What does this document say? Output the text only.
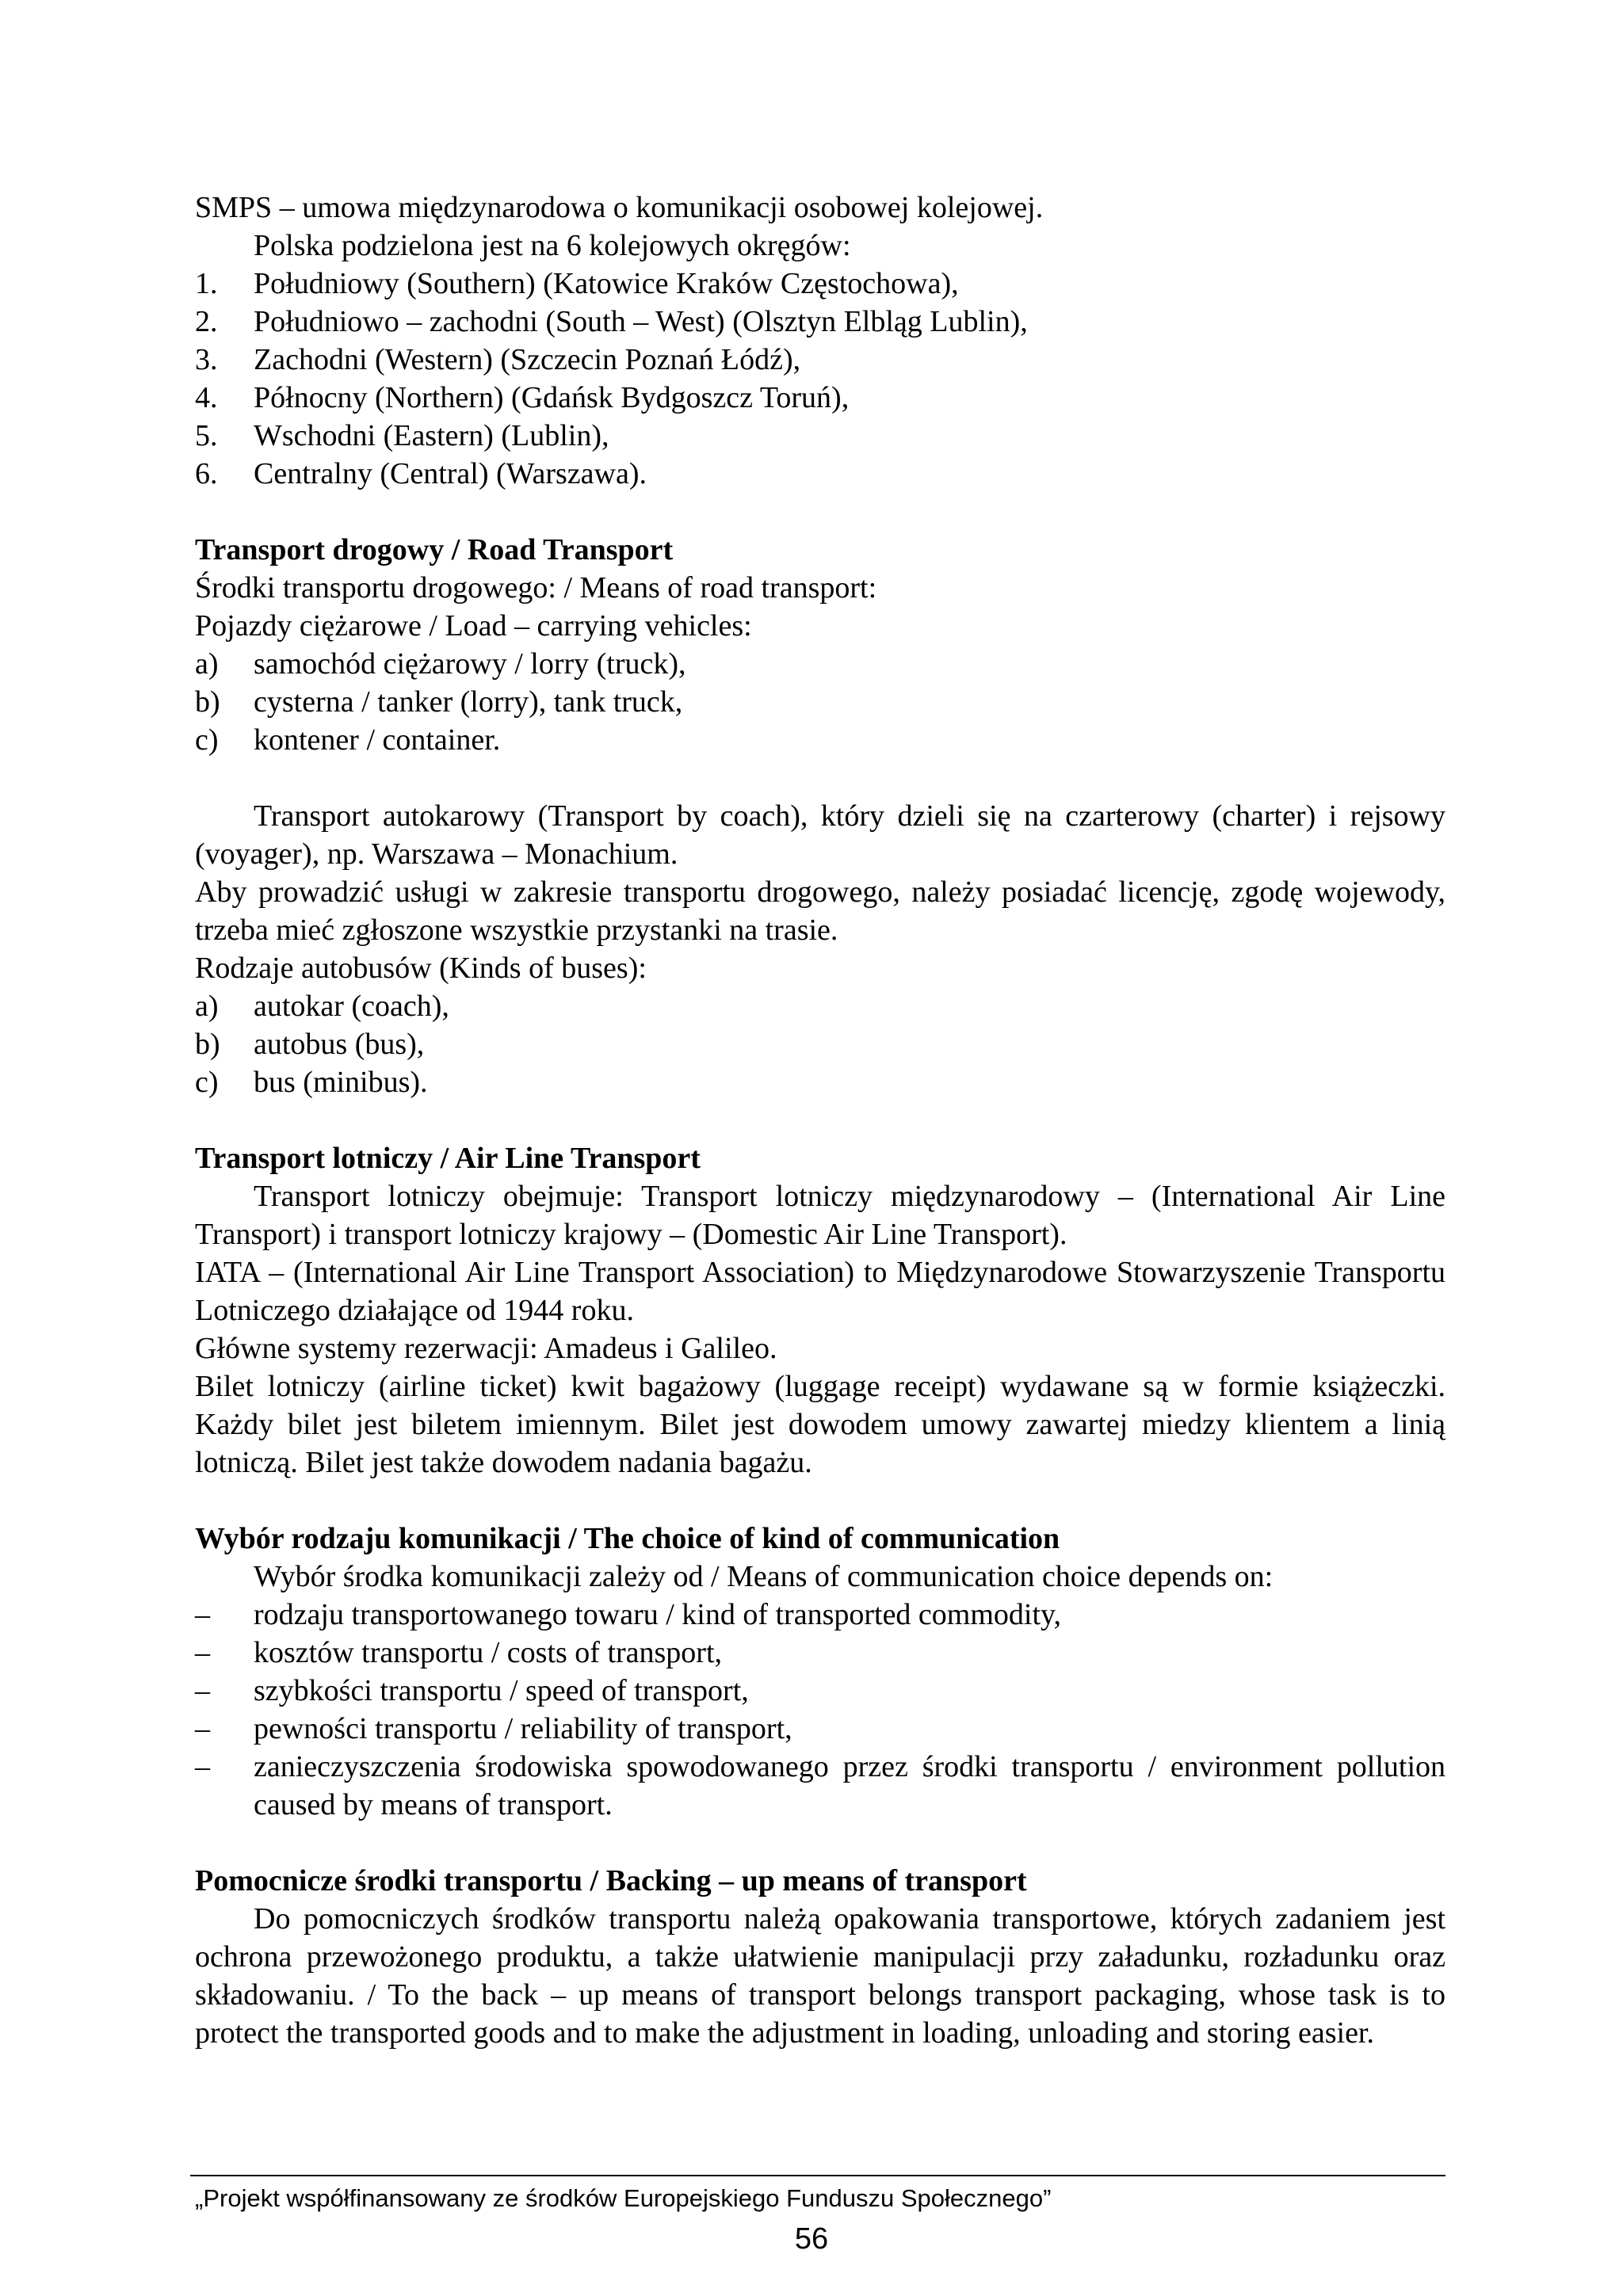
SMPS – umowa międzynarodowa o komunikacji osobowej kolejowej.

Polska podzielona jest na 6 kolejowych okręgów:

1.	Południowy (Southern) (Katowice Kraków Częstochowa),
2.	Południowo – zachodni (South – West) (Olsztyn Elbląg Lublin),
3.	Zachodni (Western) (Szczecin Poznań Łódź),
4.	Północny (Northern) (Gdańsk Bydgoszcz Toruń),
5.	Wschodni (Eastern) (Lublin),
6.	Centralny (Central) (Warszawa).

Transport drogowy / Road Transport

Środki transportu drogowego: / Means of road transport:

Pojazdy ciężarowe / Load – carrying vehicles:

a)	samochód ciężarowy / lorry (truck),
b)	cysterna / tanker (lorry), tank truck,
c)	kontener / container.

Transport autokarowy (Transport by coach), który dzieli się na czarterowy (charter) i rejsowy (voyager), np. Warszawa – Monachium.

Aby prowadzić usługi w zakresie transportu drogowego, należy posiadać licencję, zgodę wojewody, trzeba mieć zgłoszone wszystkie przystanki na trasie.

Rodzaje autobusów (Kinds of buses):

a)	autokar (coach),
b)	autobus (bus),
c)	bus (minibus).

Transport lotniczy / Air Line Transport

Transport lotniczy obejmuje: Transport lotniczy międzynarodowy – (International Air Line Transport) i transport lotniczy krajowy – (Domestic Air Line Transport).

IATA – (International Air Line Transport Association) to Międzynarodowe Stowarzyszenie Transportu Lotniczego działające od 1944 roku.

Główne systemy rezerwacji: Amadeus i Galileo.

Bilet lotniczy (airline ticket) kwit bagażowy (luggage receipt) wydawane są w formie książeczki. Każdy bilet jest biletem imiennym. Bilet jest dowodem umowy zawartej miedzy klientem a linią lotniczą. Bilet jest także dowodem nadania bagażu.

Wybór rodzaju komunikacji / The choice of kind of communication

Wybór środka komunikacji zależy od / Means of communication choice depends on:

–	rodzaju transportowanego towaru / kind of transported commodity,
–	kosztów transportu / costs of transport,
–	szybkości transportu / speed of transport,
–	pewności transportu / reliability of transport,
–	zanieczyszczenia środowiska spowodowanego przez środki transportu / environment pollution caused by means of transport.

Pomocnicze środki transportu / Backing – up means of transport

Do pomocniczych środków transportu należą opakowania transportowe, których zadaniem jest ochrona przewożonego produktu, a także ułatwienie manipulacji przy załadunku, rozładunku oraz składowaniu. / To the back – up means of transport belongs transport packaging, whose task is to protect the transported goods and to make the adjustment in loading, unloading and storing easier.

„Projekt współfinansowany ze środków Europejskiego Funduszu Społecznego”
56
